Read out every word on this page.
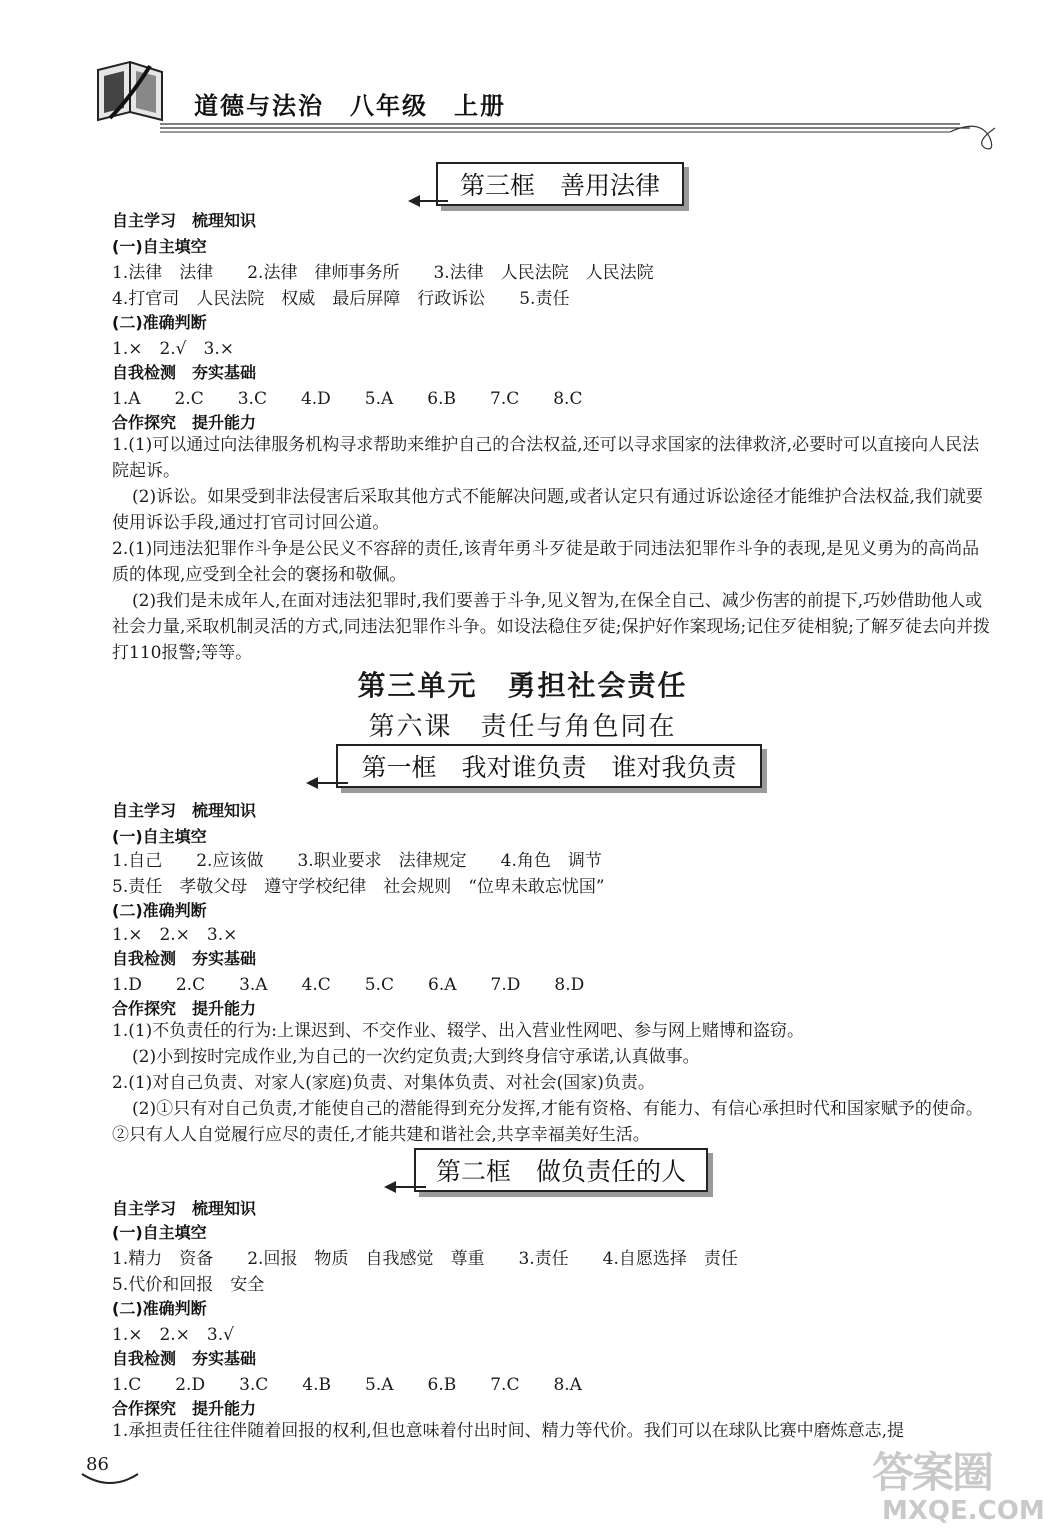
道德与法治　八年级　上册
第三框　善用法律
自主学习　梳理知识
(一)自主填空
1.法律　法律　　2.法律　律师事务所　　3.法律　人民法院　人民法院
4.打官司　人民法院　权威　最后屏障　行政诉讼　　5.责任
(二)准确判断
1.×　2.√　3.×
自我检测　夯实基础
1.A　　2.C　　3.C　　4.D　　5.A　　6.B　　7.C　　8.C
合作探究　提升能力
1.(1)可以通过向法律服务机构寻求帮助来维护自己的合法权益,还可以寻求国家的法律救济,必要时可以直接向人民法院起诉。
(2)诉讼。如果受到非法侵害后采取其他方式不能解决问题,或者认定只有通过诉讼途径才能维护合法权益,我们就要使用诉讼手段,通过打官司讨回公道。
2.(1)同违法犯罪作斗争是公民义不容辞的责任,该青年勇斗歹徒是敢于同违法犯罪作斗争的表现,是见义勇为的高尚品质的体现,应受到全社会的褒扬和敬佩。
(2)我们是未成年人,在面对违法犯罪时,我们要善于斗争,见义智为,在保全自己、减少伤害的前提下,巧妙借助他人或社会力量,采取机制灵活的方式,同违法犯罪作斗争。如设法稳住歹徒;保护好作案现场;记住歹徒相貌;了解歹徒去向并拨打110报警;等等。
第三单元　勇担社会责任
第六课　责任与角色同在
第一框　我对谁负责　谁对我负责
自主学习　梳理知识
(一)自主填空
1.自己　　2.应该做　　3.职业要求　法律规定　　4.角色　调节
5.责任　孝敬父母　遵守学校纪律　社会规则　“位卑未敢忘忧国”
(二)准确判断
1.×　2.×　3.×
自我检测　夯实基础
1.D　　2.C　　3.A　　4.C　　5.C　　6.A　　7.D　　8.D
合作探究　提升能力
1.(1)不负责任的行为:上课迟到、不交作业、辍学、出入营业性网吧、参与网上赌博和盗窃。
(2)小到按时完成作业,为自己的一次约定负责;大到终身信守承诺,认真做事。
2.(1)对自己负责、对家人(家庭)负责、对集体负责、对社会(国家)负责。
(2)①只有对自己负责,才能使自己的潜能得到充分发挥,才能有资格、有能力、有信心承担时代和国家赋予的使命。②只有人人自觉履行应尽的责任,才能共建和谐社会,共享幸福美好生活。
第二框　做负责任的人
自主学习　梳理知识
(一)自主填空
1.精力　资备　　2.回报　物质　自我感觉　尊重　　3.责任　　4.自愿选择　责任
5.代价和回报　安全
(二)准确判断
1.×　2.×　3.√
自我检测　夯实基础
1.C　　2.D　　3.C　　4.B　　5.A　　6.B　　7.C　　8.A
合作探究　提升能力
1.承担责任往往伴随着回报的权利,但也意味着付出时间、精力等代价。我们可以在球队比赛中磨炼意志,提
86	答案圈
MXQE.COM
